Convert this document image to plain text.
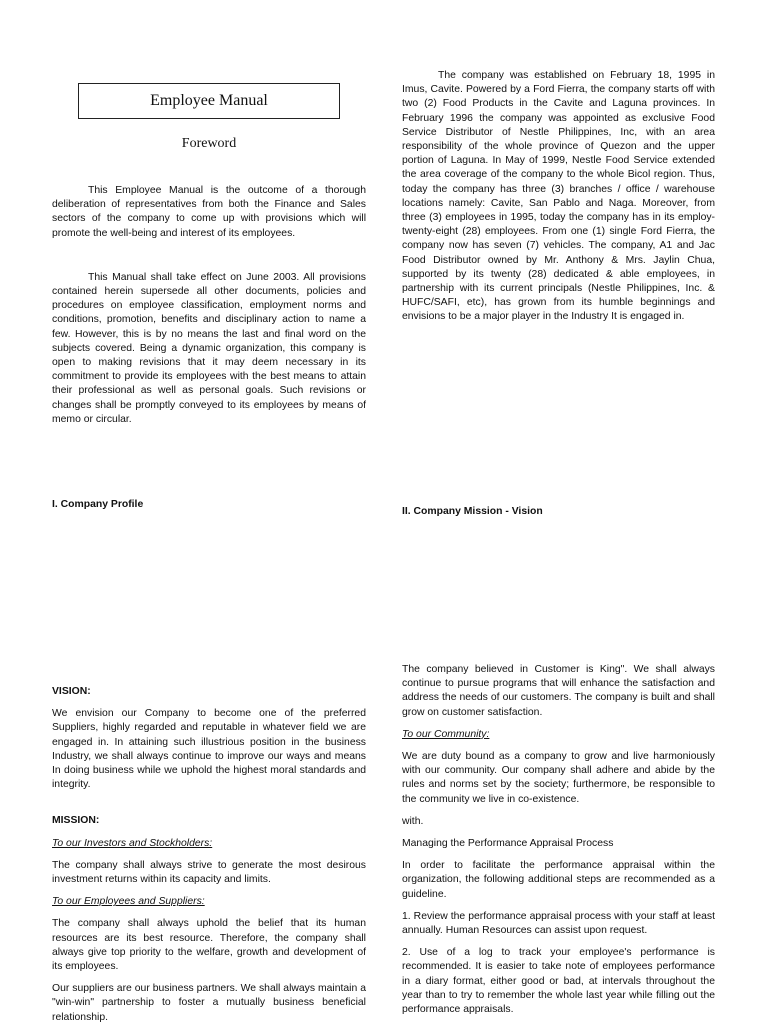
Employee Manual
Foreword

This Employee Manual is the outcome of a thorough deliberation of representatives from both the Finance and Sales sectors of the company to come up with provisions which will promote the well-being and interest of its employees.

This Manual shall take effect on June 2003. All provisions contained herein supersede all other documents, policies and procedures on employee classification, employment norms and conditions, promotion, benefits and disciplinary action to name a few. However, this is by no means the last and final word on the subjects covered. Being a dynamic organization, this company is open to making revisions that it may deem necessary in its commitment to provide its employees with the best means to attain their professional as well as personal goals. Such revisions or changes shall be promptly conveyed to its employees by means of memo or circular.

The company was established on February 18, 1995 in Imus, Cavite. Powered by a Ford Fierra, the company starts off with two (2) Food Products in the Cavite and Laguna provinces. In February 1996 the company was appointed as exclusive Food Service Distributor of Nestle Philippines, Inc, with an area responsibility of the whole province of Quezon and the upper portion of Laguna. In May of 1999, Nestle Food Service extended the area coverage of the company to the whole Bicol region. Thus, today the company has three (3) branches / office / warehouse locations namely: Cavite, San Pablo and Naga. Moreover, from three (3) employees in 1995, today the company has in its employ-twenty-eight (28) employees. From one (1) single Ford Fierra, the company now has seven (7) vehicles. The company, A1 and Jac Food Distributor owned by Mr. Anthony & Mrs. Jaylin Chua, supported by its twenty (28) dedicated & able employees, in partnership with its current principals (Nestle Philippines, Inc. & HUFC/SAFI, etc), has grown from its humble beginnings and envisions to be a major player in the Industry It is engaged in.

I. Company Profile

II. Company Mission - Vision

VISION:

We envision our Company to become one of the preferred Suppliers, highly regarded and reputable in whatever field we are engaged in. In attaining such illustrious position in the business Industry, we shall always continue to improve our ways and means In doing business while we uphold the highest moral standards and integrity.

MISSION:

To our Investors and Stockholders:

The company shall always strive to generate the most desirous investment returns within its capacity and limits.

To our Employees and Suppliers:

The company shall always uphold the belief that its human resources are its best resource. Therefore, the company shall always give top priority to the welfare, growth and development of its employees.

Our suppliers are our business partners. We shall always maintain a "win-win" partnership to foster a mutually business beneficial relationship.

The company believed in Customer is King". We shall always continue to pursue programs that will enhance the satisfaction and address the needs of our customers. The company is built and shall grow on customer satisfaction.

To our Community:

We are duty bound as a company to grow and live harmoniously with our community. Our company shall adhere and abide by the rules and norms set by the society; furthermore, be responsible to the community we live in co-existence.

with.

Managing the Performance Appraisal Process

In order to facilitate the performance appraisal within the organization, the following additional steps are recommended as a guideline.

1. Review the performance appraisal process with your staff at least annually. Human Resources can assist upon request.

2. Use of a log to track your employee's performance is recommended. It is easier to take note of employees performance in a diary format, either good or bad, at intervals throughout the year than to try to remember the whole last year while filling out the performance appraisals.
